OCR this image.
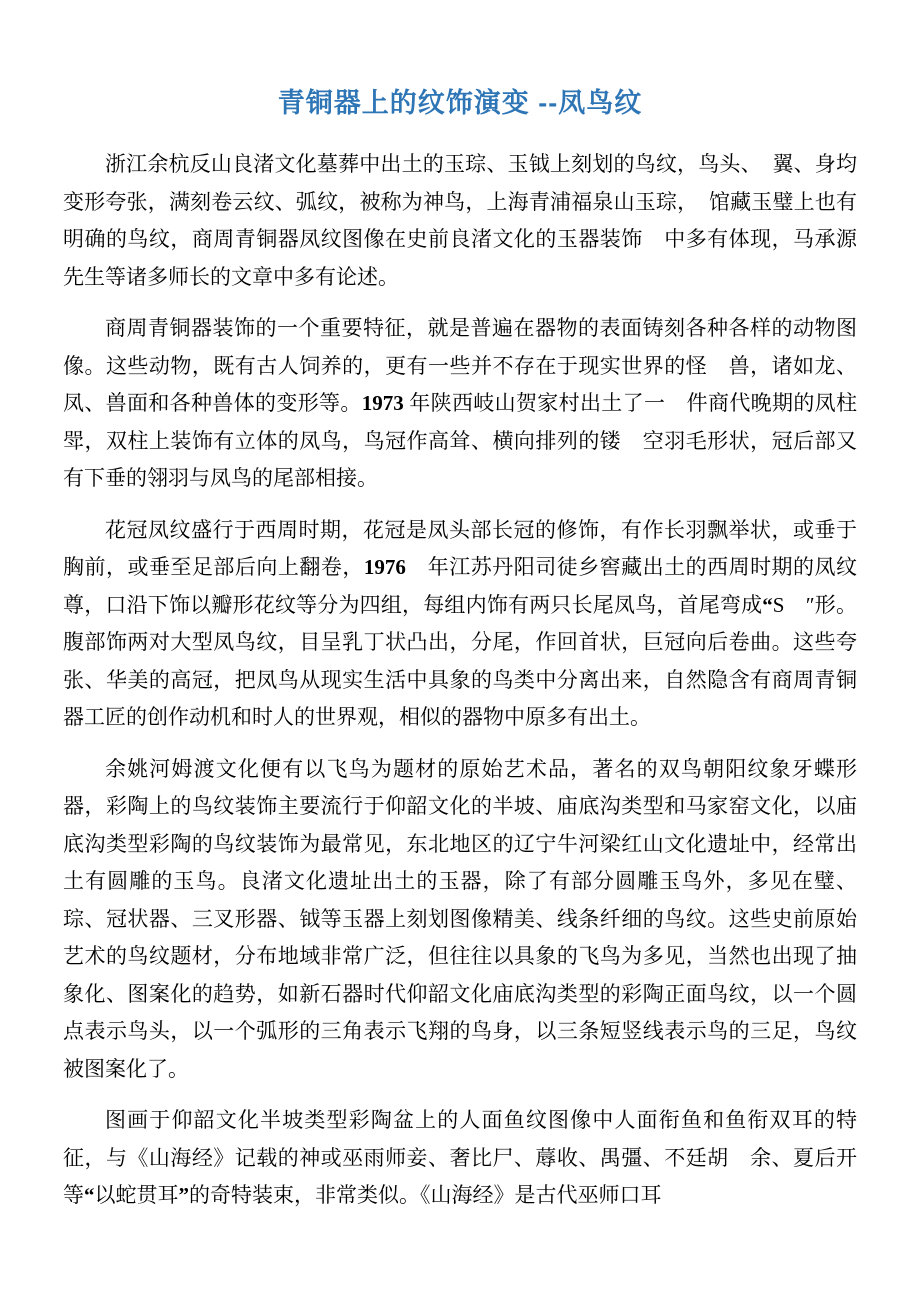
青铜器上的纹饰演变 --凤鸟纹

浙江余杭反山良渚文化墓葬中出土的玉琮、玉钺上刻划的鸟纹，鸟头、　翼、身均变形夸张，满刻卷云纹、弧纹，被称为神鸟，上海青浦福泉山玉琮，　馆藏玉璧上也有明确的鸟纹，商周青铜器凤纹图像在史前良渚文化的玉器装饰　中多有体现，马承源先生等诸多师长的文章中多有论述。

商周青铜器装饰的一个重要特征，就是普遍在器物的表面铸刻各种各样的动物图像。这些动物，既有古人饲养的，更有一些并不存在于现实世界的怪　兽，诸如龙、凤、兽面和各种兽体的变形等。1973 年陕西岐山贺家村出土了一　件商代晚期的凤柱斝，双柱上装饰有立体的凤鸟，鸟冠作高耸、横向排列的镂　空羽毛形状，冠后部又有下垂的翎羽与凤鸟的尾部相接。

花冠凤纹盛行于西周时期，花冠是凤头部长冠的修饰，有作长羽飘举状，或垂于胸前，或垂至足部后向上翻卷，1976　年江苏丹阳司徒乡窖藏出土的西周时期的凤纹尊，口沿下饰以瓣形花纹等分为四组，每组内饰有两只长尾凤鸟，首尾弯成“S　″形。腹部饰两对大型凤鸟纹，目呈乳丁状凸出，分尾，作回首状，巨冠向后卷曲。这些夸张、华美的高冠，把凤鸟从现实生活中具象的鸟类中分离出来，自然隐含有商周青铜器工匠的创作动机和时人的世界观，相似的器物中原多有出土。

余姚河姆渡文化便有以飞鸟为题材的原始艺术品，著名的双鸟朝阳纹象牙蝶形器，彩陶上的鸟纹装饰主要流行于仰韶文化的半坡、庙底沟类型和马家窑文化，以庙底沟类型彩陶的鸟纹装饰为最常见，东北地区的辽宁牛河梁红山文化遗址中，经常出土有圆雕的玉鸟。良渚文化遗址出土的玉器，除了有部分圆雕玉鸟外，多见在璧、琮、冠状器、三叉形器、钺等玉器上刻划图像精美、线条纤细的鸟纹。这些史前原始艺术的鸟纹题材，分布地域非常广泛，但往往以具象的飞鸟为多见，当然也出现了抽象化、图案化的趋势，如新石器时代仰韶文化庙底沟类型的彩陶正面鸟纹，以一个圆点表示鸟头，以一个弧形的三角表示飞翔的鸟身，以三条短竖线表示鸟的三足，鸟纹被图案化了。

图画于仰韶文化半坡类型彩陶盆上的人面鱼纹图像中人面衔鱼和鱼衔双耳的特征，与《山海经》记载的神或巫雨师妾、奢比尸、蓐收、禺彊、不廷胡　余、夏后开等“以蛇贯耳”的奇特装束，非常类似。《山海经》是古代巫师口耳
